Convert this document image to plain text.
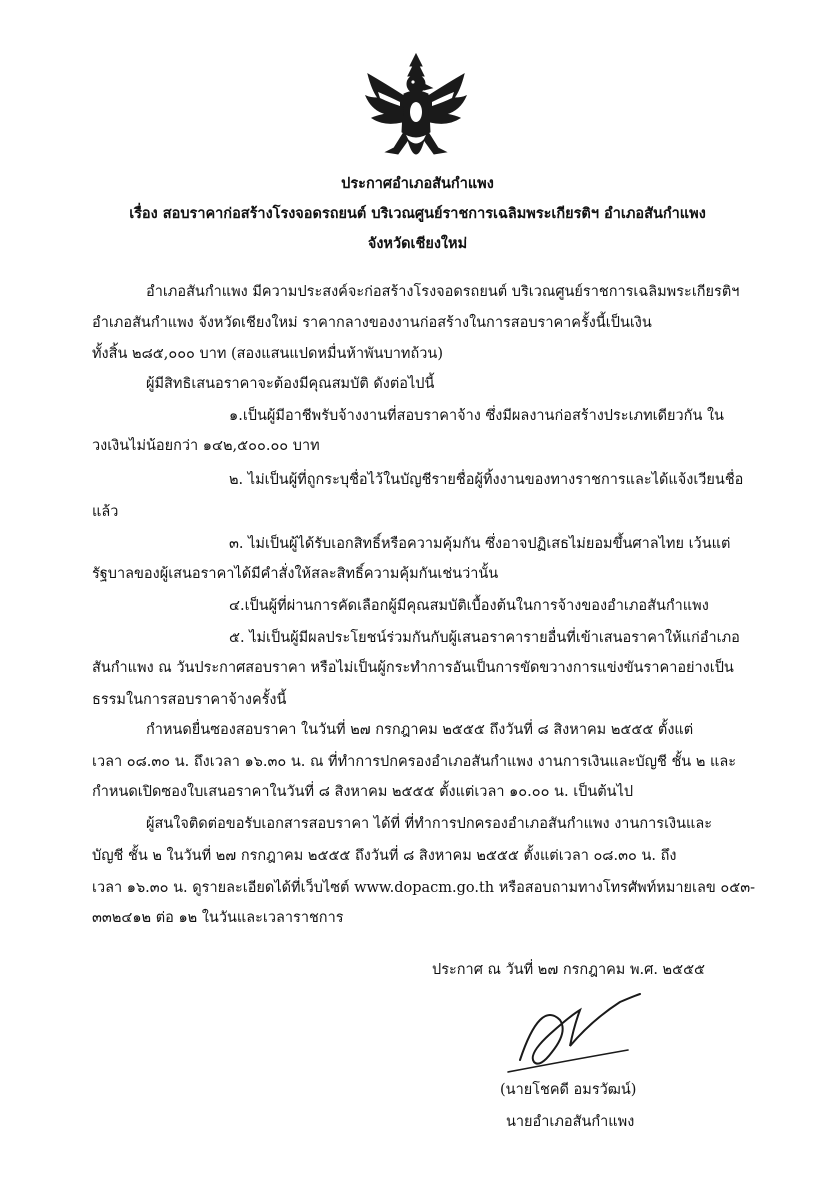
ประกาศอำเภอสันกำแพง
เรื่อง สอบราคาก่อสร้างโรงจอดรถยนต์ บริเวณศูนย์ราชการเฉลิมพระเกียรติฯ อำเภอสันกำแพง
จังหวัดเชียงใหม่
อำเภอสันกำแพง มีความประสงค์จะก่อสร้างโรงจอดรถยนต์ บริเวณศูนย์ราชการเฉลิมพระเกียรติฯ
อำเภอสันกำแพง จังหวัดเชียงใหม่ ราคากลางของงานก่อสร้างในการสอบราคาครั้งนี้เป็นเงิน
ทั้งสิ้น ๒๘๕,๐๐๐ บาท (สองแสนแปดหมื่นห้าพันบาทถ้วน)
ผู้มีสิทธิเสนอราคาจะต้องมีคุณสมบัติ ดังต่อไปนี้
๑.เป็นผู้มีอาชีพรับจ้างงานที่สอบราคาจ้าง ซึ่งมีผลงานก่อสร้างประเภทเดียวกัน ใน
วงเงินไม่น้อยกว่า ๑๔๒,๕๐๐.๐๐ บาท
๒. ไม่เป็นผู้ที่ถูกระบุชื่อไว้ในบัญชีรายชื่อผู้ทิ้งงานของทางราชการและได้แจ้งเวียนชื่อ
แล้ว
๓. ไม่เป็นผู้ได้รับเอกสิทธิ์หรือความคุ้มกัน ซึ่งอาจปฏิเสธไม่ยอมขึ้นศาลไทย เว้นแต่
รัฐบาลของผู้เสนอราคาได้มีคำสั่งให้สละสิทธิ์ความคุ้มกันเช่นว่านั้น
๔.เป็นผู้ที่ผ่านการคัดเลือกผู้มีคุณสมบัติเบื้องต้นในการจ้างของอำเภอสันกำแพง
๕. ไม่เป็นผู้มีผลประโยชน์ร่วมกันกับผู้เสนอราคารายอื่นที่เข้าเสนอราคาให้แก่อำเภอ
สันกำแพง ณ วันประกาศสอบราคา หรือไม่เป็นผู้กระทำการอันเป็นการขัดขวางการแข่งขันราคาอย่างเป็น
ธรรมในการสอบราคาจ้างครั้งนี้
กำหนดยื่นซองสอบราคา ในวันที่ ๒๗ กรกฎาคม ๒๕๕๕ ถึงวันที่ ๘ สิงหาคม ๒๕๕๕ ตั้งแต่
เวลา ๐๘.๓๐ น. ถึงเวลา ๑๖.๓๐ น. ณ ที่ทำการปกครองอำเภอสันกำแพง งานการเงินและบัญชี ชั้น ๒ และ
กำหนดเปิดซองใบเสนอราคาในวันที่ ๘ สิงหาคม ๒๕๕๕ ตั้งแต่เวลา ๑๐.๐๐ น. เป็นต้นไป
ผู้สนใจติดต่อขอรับเอกสารสอบราคา ได้ที่ ที่ทำการปกครองอำเภอสันกำแพง งานการเงินและ
บัญชี ชั้น ๒ ในวันที่ ๒๗ กรกฎาคม ๒๕๕๕ ถึงวันที่ ๘ สิงหาคม ๒๕๕๕ ตั้งแต่เวลา ๐๘.๓๐ น. ถึง
เวลา ๑๖.๓๐ น. ดูรายละเอียดได้ที่เว็บไซต์ www.dopacm.go.th หรือสอบถามทางโทรศัพท์หมายเลข ๐๕๓-
๓๓๒๔๑๒ ต่อ ๑๒ ในวันและเวลาราชการ
ประกาศ ณ วันที่ ๒๗ กรกฎาคม พ.ศ. ๒๕๕๕
(นายโชคดี อมรวัฒน์)
นายอำเภอสันกำแพง
